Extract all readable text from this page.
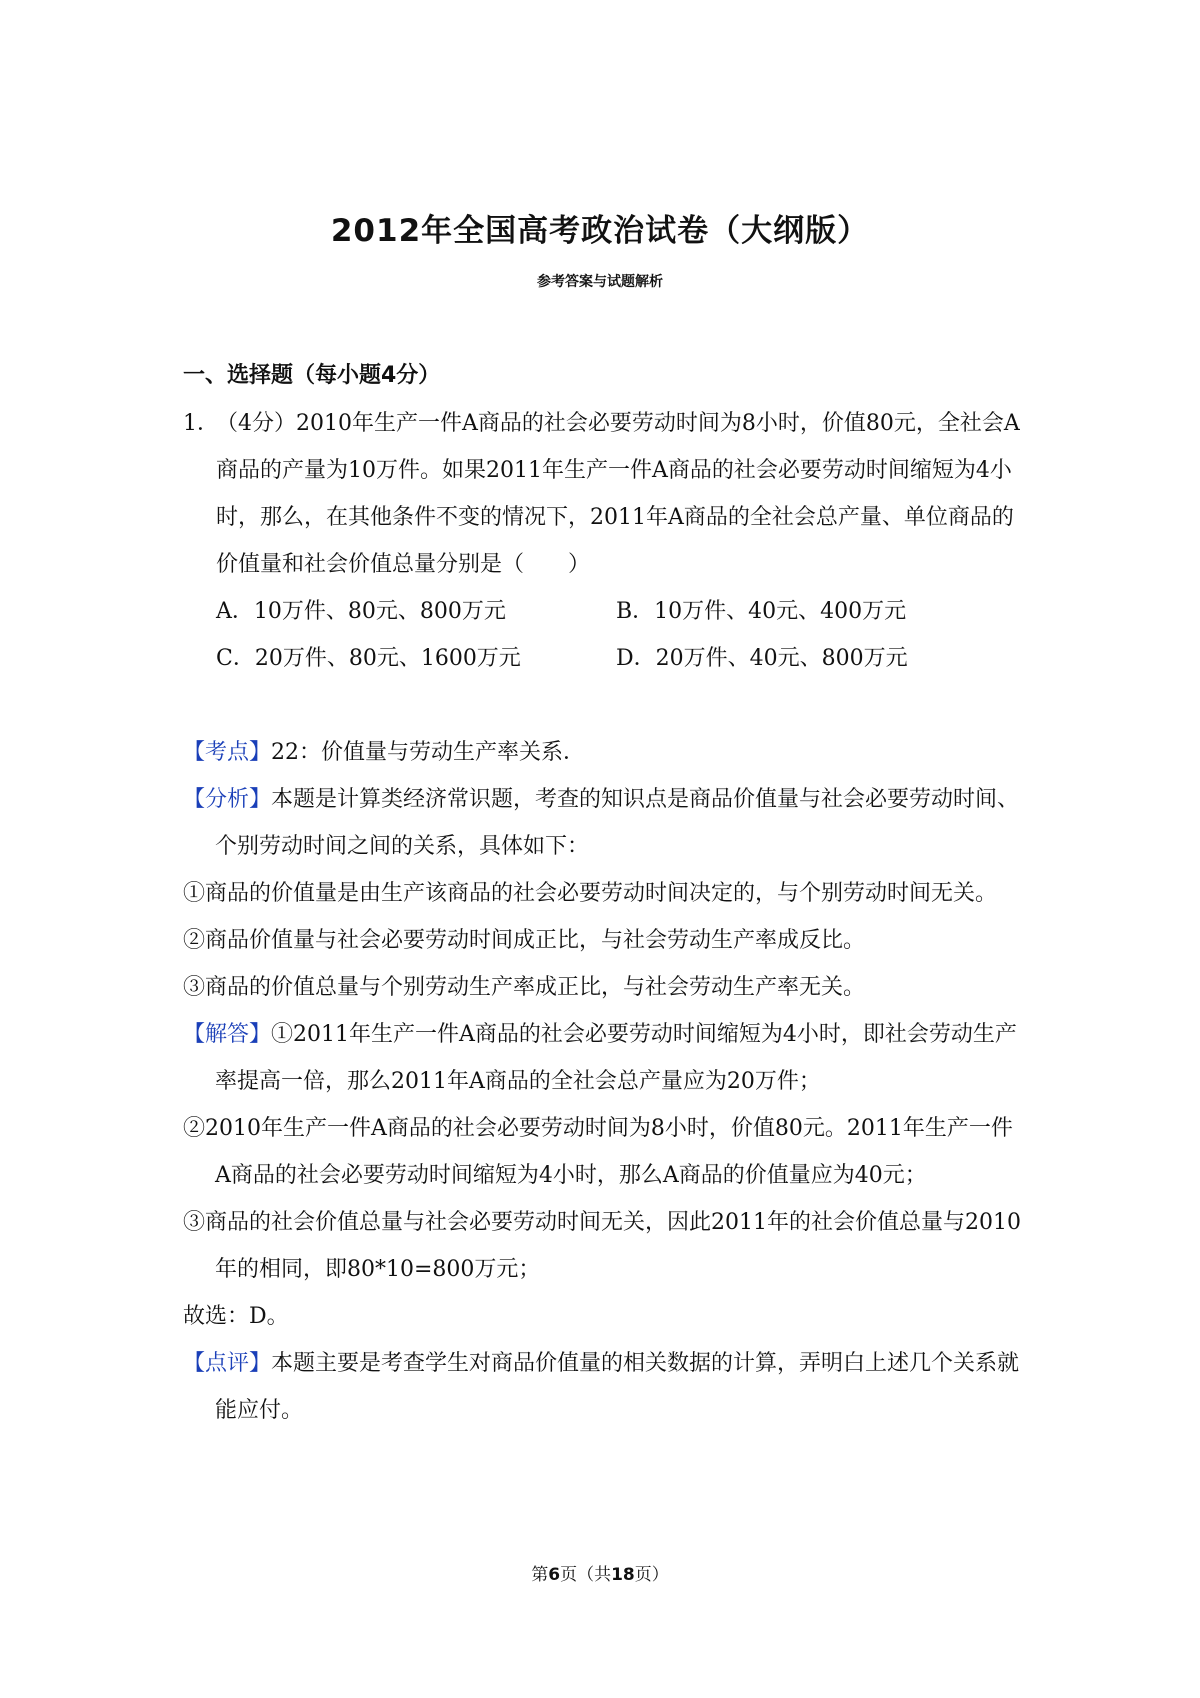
2012年全国高考政治试卷（大纲版）
参考答案与试题解析
一、选择题（每小题4分）

1．（4分）2010年生产一件A商品的社会必要劳动时间为8小时，价值80元，全社会A商品的产量为10万件。如果2011年生产一件A商品的社会必要劳动时间缩短为4小时，那么，在其他条件不变的情况下，2011年A商品的全社会总产量、单位商品的价值量和社会价值总量分别是（　　）

A．10万件、80元、800万元	B．10万件、40元、400万元
C．20万件、80元、1600万元	D．20万件、40元、800万元

【考点】22：价值量与劳动生产率关系．

【分析】本题是计算类经济常识题，考查的知识点是商品价值量与社会必要劳动时间、个别劳动时间之间的关系，具体如下：

①商品的价值量是由生产该商品的社会必要劳动时间决定的，与个别劳动时间无关。

②商品价值量与社会必要劳动时间成正比，与社会劳动生产率成反比。

③商品的价值总量与个别劳动生产率成正比，与社会劳动生产率无关。

【解答】①2011年生产一件A商品的社会必要劳动时间缩短为4小时，即社会劳动生产率提高一倍，那么2011年A商品的全社会总产量应为20万件；

②2010年生产一件A商品的社会必要劳动时间为8小时，价值80元。2011年生产一件A商品的社会必要劳动时间缩短为4小时，那么A商品的价值量应为40元；

③商品的社会价值总量与社会必要劳动时间无关，因此2011年的社会价值总量与2010年的相同，即80*10=800万元；

故选：D。

【点评】本题主要是考查学生对商品价值量的相关数据的计算，弄明白上述几个关系就能应付。

第6页（共18页）
